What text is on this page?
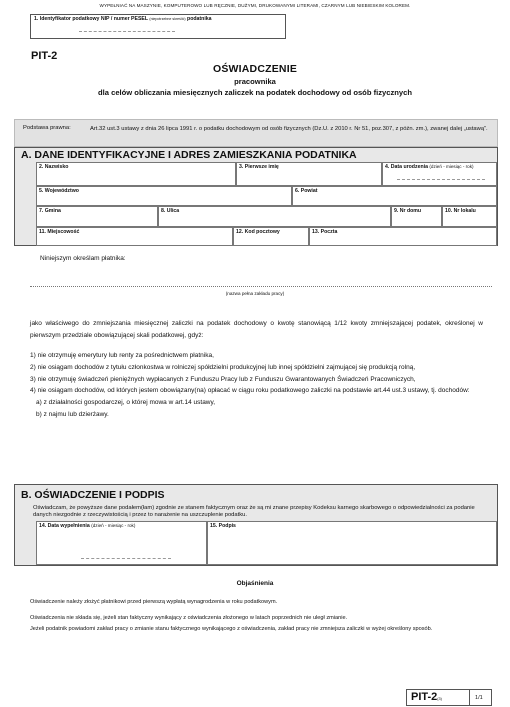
WYPEŁNIAĆ NA MASZYNIE, KOMPUTEROWO LUB RĘCZNIE, DUŻYMI, DRUKOWANYMI LITERAMI, CZARNYM LUB NIEBIESKIM KOLOREM.
1. Identyfikator podatkowy NIP / numer PESEL (niepotrzebne skreślić) podatnika
PIT-2
OŚWIADCZENIE
pracownika
dla celów obliczania miesięcznych zaliczek na podatek dochodowy od osób fizycznych
Podstawa prawna:	Art.32 ust.3 ustawy z dnia 26 lipca 1991 r. o podatku dochodowym od osób fizycznych (Dz.U. z 2010 r. Nr 51, poz.307, z późn. zm.), zwanej dalej „ustawą”.
A. DANE IDENTYFIKACYJNE I ADRES ZAMIESZKANIA PODATNIKA
2. Nazwisko	3. Pierwsze imię	4. Data urodzenia (dzień - miesiąc - rok)
5. Województwo	6. Powiat
7. Gmina	8. Ulica	9. Nr domu	10. Nr lokalu
11. Miejscowość	12. Kod pocztowy	13. Poczta
Niniejszym określam płatnika:
(nazwa pełna zakładu pracy)
jako właściwego do zmniejszania miesięcznej zaliczki na podatek dochodowy o kwotę stanowiącą 1/12 kwoty zmniejszającej podatek, określonej w pierwszym przedziale obowiązującej skali podatkowej, gdyż:
1) nie otrzymuję emerytury lub renty za pośrednictwem płatnika,
2) nie osiągam dochodów z tytułu członkostwa w rolniczej spółdzielni produkcyjnej lub innej spółdzielni zajmującej się produkcją rolną,
3) nie otrzymuję świadczeń pieniężnych wypłacanych z Funduszu Pracy lub z Funduszu Gwarantowanych Świadczeń Pracowniczych,
4) nie osiągam dochodów, od których jestem obowiązany(na) opłacać w ciągu roku podatkowego zaliczki na podstawie art.44 ust.3 ustawy, tj. dochodów:
a) z działalności gospodarczej, o której mowa w art.14 ustawy,
b) z najmu lub dzierżawy.
B. OŚWIADCZENIE I PODPIS
Oświadczam, że powyższe dane podałem(łam) zgodnie ze stanem faktycznym oraz że są mi znane przepisy Kodeksu karnego skarbowego o odpowiedzialności za podanie danych niezgodnie z rzeczywistością i przez to narażenie na uszczuplenie podatku.
14. Data wypełnienia (dzień - miesiąc - rok)	15. Podpis
Objaśnienia
Oświadczenie należy złożyć płatnikowi przed pierwszą wypłatą wynagrodzenia w roku podatkowym.
Oświadczenia nie składa się, jeżeli stan faktyczny wynikający z oświadczenia złożonego w latach poprzednich nie uległ zmianie.
Jeżeli podatnik powiadomi zakład pracy o zmianie stanu faktycznego wynikającego z oświadczenia, zakład pracy nie zmniejsza zaliczki w wyżej określony sposób.
PIT-2(3)	1/1
